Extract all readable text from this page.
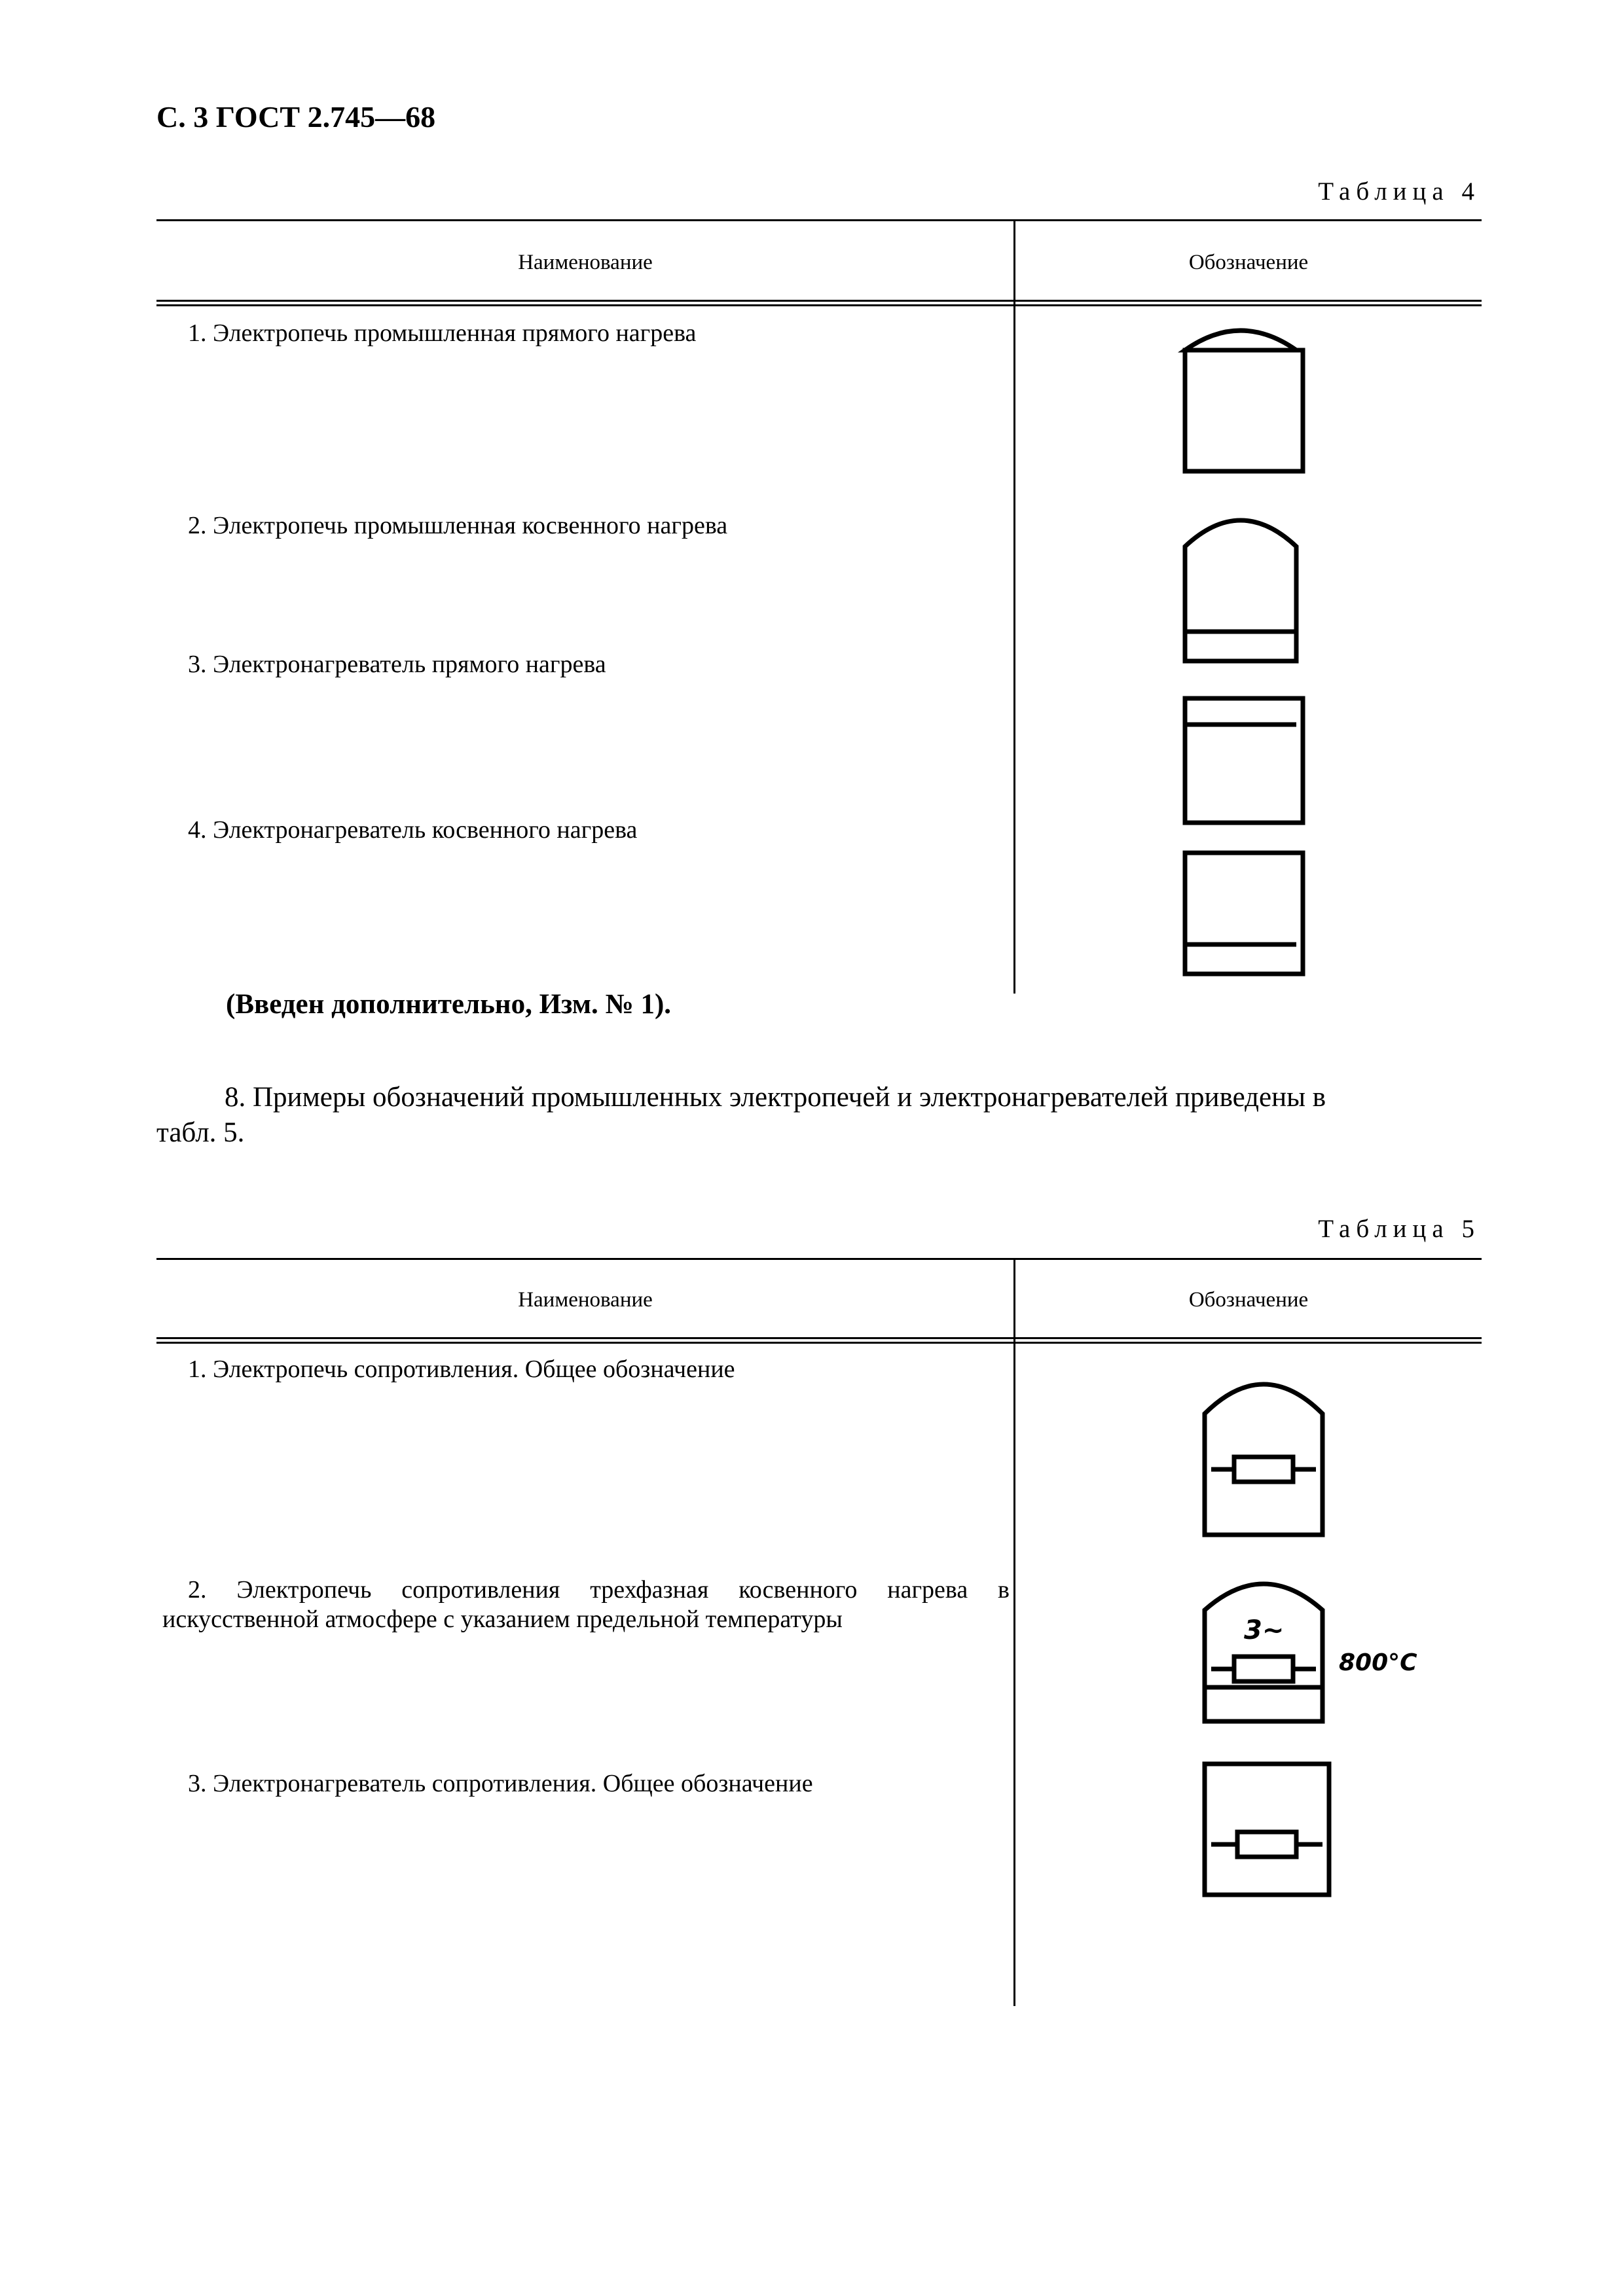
С. 3 ГОСТ 2.745—68
Таблица 4
Наименование	Обозначение
1. Электропечь промышленная прямого нагрева
2. Электропечь промышленная косвенного нагрева
3. Электронагреватель прямого нагрева
4. Электронагреватель косвенного нагрева
(Введен дополнительно, Изм. № 1).
8. Примеры обозначений промышленных электропечей и электронагревателей приведены в
табл. 5.
Таблица 5
Наименование	Обозначение
1. Электропечь сопротивления. Общее обозначение
2. Электропечь сопротивления трехфазная косвенного нагрева в
искусственной атмосфере с указанием предельной температуры
3. Электронагреватель сопротивления. Общее обозначение
3~
800°C
